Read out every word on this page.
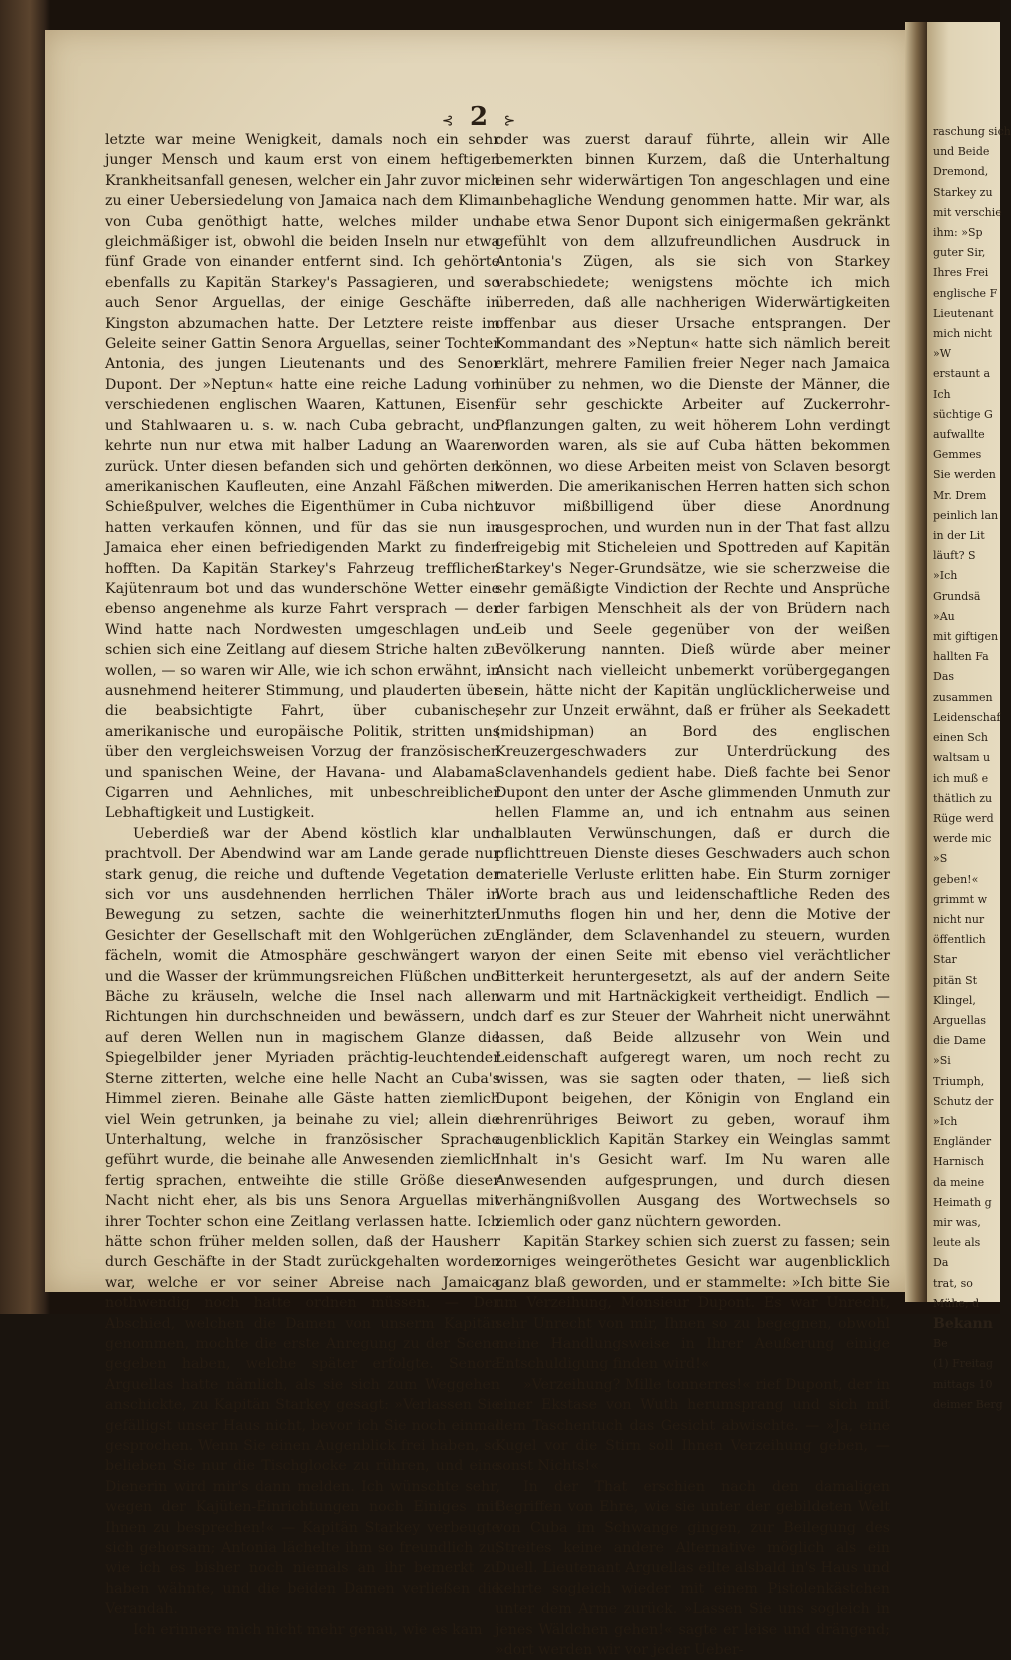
⊰ 2 ⊱

letzte war meine Wenigkeit, damals noch ein sehr junger Mensch und kaum erst von einem heftigen Krankheitsanfall genesen, welcher ein Jahr zuvor mich zu einer Uebersiedelung von Jamaica nach dem Klima von Cuba genöthigt hatte, welches milder und gleichmäßiger ist, obwohl die beiden Inseln nur etwa fünf Grade von einander entfernt sind. Ich gehörte ebenfalls zu Kapitän Starkey's Passagieren, und so auch Senor Arguellas, der einige Geschäfte in Kingston abzumachen hatte. Der Letztere reiste im Geleite seiner Gattin Senora Arguellas, seiner Tochter Antonia, des jungen Lieutenants und des Senor Dupont. Der »Neptun« hatte eine reiche Ladung von verschiedenen englischen Waaren, Kattunen, Eisen- und Stahlwaaren u. s. w. nach Cuba gebracht, und kehrte nun nur etwa mit halber Ladung an Waaren zurück. Unter diesen befanden sich und gehörten den amerikanischen Kaufleuten, eine Anzahl Fäßchen mit Schießpulver, welches die Eigenthümer in Cuba nicht hatten verkaufen können, und für das sie nun in Jamaica eher einen befriedigenden Markt zu finden hofften. Da Kapitän Starkey's Fahrzeug trefflichen Kajütenraum bot und das wunderschöne Wetter eine ebenso angenehme als kurze Fahrt versprach — der Wind hatte nach Nordwesten umgeschlagen und schien sich eine Zeitlang auf diesem Striche halten zu wollen, — so waren wir Alle, wie ich schon erwähnt, in ausnehmend heiterer Stimmung, und plauderten über die beabsichtigte Fahrt, über cubanische, amerikanische und europäische Politik, stritten uns über den vergleichsweisen Vorzug der französischen und spanischen Weine, der Havana- und Alabama-Cigarren und Aehnliches, mit unbeschreiblicher Lebhaftigkeit und Lustigkeit.

Ueberdieß war der Abend köstlich klar und prachtvoll. Der Abendwind war am Lande gerade nur stark genug, die reiche und duftende Vegetation der sich vor uns ausdehnenden herrlichen Thäler in Bewegung zu setzen, sachte die weinerhitzten Gesichter der Gesellschaft mit den Wohlgerüchen zu fächeln, womit die Atmosphäre geschwängert war, und die Wasser der krümmungsreichen Flüßchen und Bäche zu kräuseln, welche die Insel nach allen Richtungen hin durchschneiden und bewässern, und auf deren Wellen nun in magischem Glanze die Spiegelbilder jener Myriaden prächtig-leuchtender Sterne zitterten, welche eine helle Nacht an Cuba's Himmel zieren. Beinahe alle Gäste hatten ziemlich viel Wein getrunken, ja beinahe zu viel; allein die Unterhaltung, welche in französischer Sprache geführt wurde, die beinahe alle Anwesenden ziemlich fertig sprachen, entweihte die stille Größe dieser Nacht nicht eher, als bis uns Senora Arguellas mit ihrer Tochter schon eine Zeitlang verlassen hatte. Ich hätte schon früher melden sollen, daß der Hausherr durch Geschäfte in der Stadt zurückgehalten worden war, welche er vor seiner Abreise nach Jamaica nothwendig noch hatte ordnen müssen. — Der Abschied, welchen die Damen von unserm Kapitän genommen, mochte die erste Anregung zu der Scene gegeben haben, welche später erfolgte. Senora Arguellas hatte nämlich, als sie sich zum Weggehen anschickte, zu Kapitän Starkey gesagt: »Verlassen Sie gefälligst unser Haus nicht, bevor ich Sie noch einmal gesprochen. Wenn Sie einen Augenblick frei haben, so belieben Sie nur die Tischglocke zu rühren, und eine Dienerin wird mir's dann melden. Ich wünschte sehr, wegen der Kajüten-Einrichtungen noch Einiges mit Ihnen zu besprechen!« — Kapitän Starkey verbeugte sich gehorsam; Antonia lächelte ihm so freundlich zu, wie ich es bisher noch niemals an ihr bemerkt zu haben wähnte, und die beiden Damen verließen die Verandah.

Ich erinnere mich nicht mehr genau, wie es kam

oder was zuerst darauf führte, allein wir Alle bemerkten binnen Kurzem, daß die Unterhaltung einen sehr widerwärtigen Ton angeschlagen und eine unbehagliche Wendung genommen hatte. Mir war, als habe etwa Senor Dupont sich einigermaßen gekränkt gefühlt von dem allzufreundlichen Ausdruck in Antonia's Zügen, als sie sich von Starkey verabschiedete; wenigstens möchte ich mich überreden, daß alle nachherigen Widerwärtigkeiten offenbar aus dieser Ursache entsprangen. Der Kommandant des »Neptun« hatte sich nämlich bereit erklärt, mehrere Familien freier Neger nach Jamaica hinüber zu nehmen, wo die Dienste der Männer, die für sehr geschickte Arbeiter auf Zuckerrohr-Pflanzungen galten, zu weit höherem Lohn verdingt worden waren, als sie auf Cuba hätten bekommen können, wo diese Arbeiten meist von Sclaven besorgt werden. Die amerikanischen Herren hatten sich schon zuvor mißbilligend über diese Anordnung ausgesprochen, und wurden nun in der That fast allzu freigebig mit Sticheleien und Spottreden auf Kapitän Starkey's Neger-Grundsätze, wie sie scherzweise die sehr gemäßigte Vindiction der Rechte und Ansprüche der farbigen Menschheit als der von Brüdern nach Leib und Seele gegenüber von der weißen Bevölkerung nannten. Dieß würde aber meiner Ansicht nach vielleicht unbemerkt vorübergegangen sein, hätte nicht der Kapitän unglücklicherweise und sehr zur Unzeit erwähnt, daß er früher als Seekadett (midshipman) an Bord des englischen Kreuzergeschwaders zur Unterdrückung des Sclavenhandels gedient habe. Dieß fachte bei Senor Dupont den unter der Asche glimmenden Unmuth zur hellen Flamme an, und ich entnahm aus seinen halblauten Verwünschungen, daß er durch die pflichttreuen Dienste dieses Geschwaders auch schon materielle Verluste erlitten habe. Ein Sturm zorniger Worte brach aus und leidenschaftliche Reden des Unmuths flogen hin und her, denn die Motive der Engländer, dem Sclavenhandel zu steuern, wurden von der einen Seite mit ebenso viel verächtlicher Bitterkeit heruntergesetzt, als auf der andern Seite warm und mit Hartnäckigkeit vertheidigt. Endlich — ich darf es zur Steuer der Wahrheit nicht unerwähnt lassen, daß Beide allzusehr von Wein und Leidenschaft aufgeregt waren, um noch recht zu wissen, was sie sagten oder thaten, — ließ sich Dupont beigehen, der Königin von England ein ehrenrühriges Beiwort zu geben, worauf ihm augenblicklich Kapitän Starkey ein Weinglas sammt Inhalt in's Gesicht warf. Im Nu waren alle Anwesenden aufgesprungen, und durch diesen verhängnißvollen Ausgang des Wortwechsels so ziemlich oder ganz nüchtern geworden.

Kapitän Starkey schien sich zuerst zu fassen; sein zorniges weingeröthetes Gesicht war augenblicklich ganz blaß geworden, und er stammelte: »Ich bitte Sie um Verzeihung, Monsieur Dupont. Es war Unrecht, sehr Unrecht von mir, Ihnen so zu begegnen, obwohl meine Handlungsweise in Ihrer Aeußerung einige Entschuldigung finden wird!«

»Verzeihung? Mille tonnerres!« rief Dupont, der in einer Ekstase von Wuth herumsprang und sich mit dem Taschentuch das Gesicht abwischte. — »Ja, eine Kugel vor die Stirn soll Ihnen Verzeihung geben, — sonst Nichts!«

In der That erschien nach den damaligen Begriffen von Ehre, wie sie unter der gebildeten Welt von Cuba im Schwange gingen, zur Beilegung des Streites keine andere Alternative möglich als ein Duell. Lieutenant Arguellas eilte alsbald in's Haus und kehrte sogleich wieder mit einem Pistolenkästchen unter dem Arme zurück. »Lassen Sie uns sogleich in jenes Wäldchen gehen!« sagte er leise und drängend; »dort werden wir vor jeder Ueber-

raschung sich
und Beide
Dremond,
Starkey zu
mit verschie
ihm: »Sp
guter Sir,
Ihres Frei
englische F
Lieutenant
mich nicht
»W
erstaunt a
Ich
süchtige G
aufwallte
Gemmes
Sie werden
Mr. Drem
peinlich lan
in der Lit
läuft? S
»Ich
Grundsä
»Au
mit giftigen
hallten Fa
Das
zusammen
Leidenschaf
einen Sch
waltsam u
ich muß e
thätlich zu
Rüge werd
werde mic
»S
geben!«
grimmt w
nicht nur
öffentlich
Star
pitän St
Klingel,
Arguellas
die Dame
»Si
Triumph,
Schutz der
»Ich
Engländer
Harnisch
da meine
Heimath g
mir was,
leute als
Da
trat, so
Mühe; d
Bekann
Be
(1) Freitag
mittags 10
deimer Berg
